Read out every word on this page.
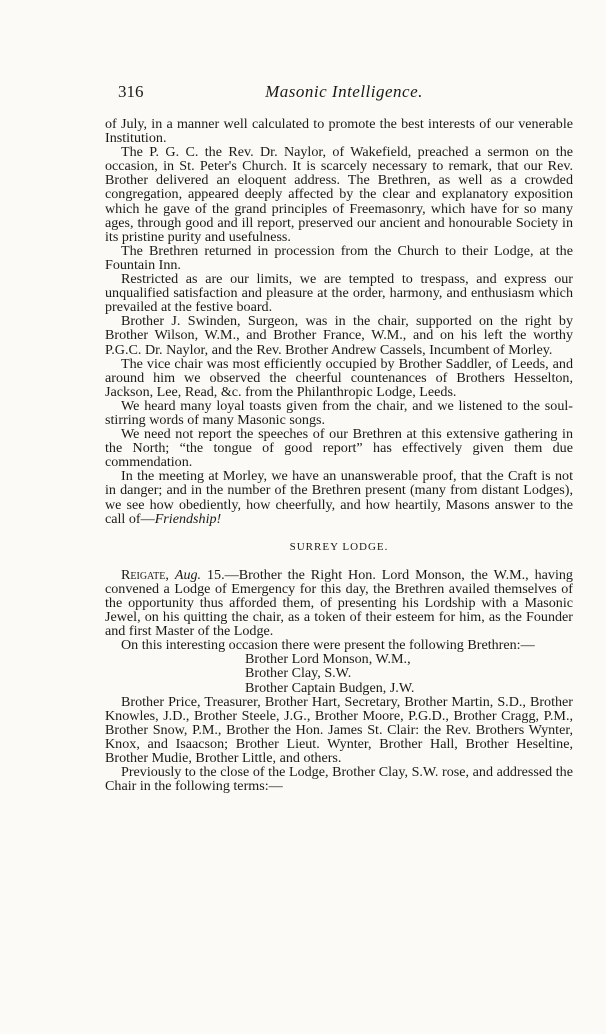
316	Masonic Intelligence.

of July, in a manner well calculated to promote the best interests of our venerable Institution.

The P. G. C. the Rev. Dr. Naylor, of Wakefield, preached a sermon on the occasion, in St. Peter's Church. It is scarcely necessary to remark, that our Rev. Brother delivered an eloquent address. The Brethren, as well as a crowded congregation, appeared deeply affected by the clear and explanatory exposition which he gave of the grand principles of Freemasonry, which have for so many ages, through good and ill report, preserved our ancient and honourable Society in its pristine purity and usefulness.

The Brethren returned in procession from the Church to their Lodge, at the Fountain Inn.

Restricted as are our limits, we are tempted to trespass, and express our unqualified satisfaction and pleasure at the order, harmony, and enthusiasm which prevailed at the festive board.

Brother J. Swinden, Surgeon, was in the chair, supported on the right by Brother Wilson, W.M., and Brother France, W.M., and on his left the worthy P.G.C. Dr. Naylor, and the Rev. Brother Andrew Cassels, Incumbent of Morley.

The vice chair was most efficiently occupied by Brother Saddler, of Leeds, and around him we observed the cheerful countenances of Brothers Hesselton, Jackson, Lee, Read, &c. from the Philanthropic Lodge, Leeds.

We heard many loyal toasts given from the chair, and we listened to the soul-stirring words of many Masonic songs.

We need not report the speeches of our Brethren at this extensive gathering in the North; “the tongue of good report” has effectively given them due commendation.

In the meeting at Morley, we have an unanswerable proof, that the Craft is not in danger; and in the number of the Brethren present (many from distant Lodges), we see how obediently, how cheerfully, and how heartily, Masons answer to the call of—Friendship!

SURREY LODGE.

Reigate, Aug. 15.—Brother the Right Hon. Lord Monson, the W.M., having convened a Lodge of Emergency for this day, the Brethren availed themselves of the opportunity thus afforded them, of presenting his Lordship with a Masonic Jewel, on his quitting the chair, as a token of their esteem for him, as the Founder and first Master of the Lodge.

On this interesting occasion there were present the following Brethren:—

Brother Lord Monson, W.M.,
Brother Clay, S.W.
Brother Captain Budgen, J.W.

Brother Price, Treasurer, Brother Hart, Secretary, Brother Martin, S.D., Brother Knowles, J.D., Brother Steele, J.G., Brother Moore, P.G.D., Brother Cragg, P.M., Brother Snow, P.M., Brother the Hon. James St. Clair: the Rev. Brothers Wynter, Knox, and Isaacson; Brother Lieut. Wynter, Brother Hall, Brother Heseltine, Brother Mudie, Brother Little, and others.

Previously to the close of the Lodge, Brother Clay, S.W. rose, and addressed the Chair in the following terms:—
